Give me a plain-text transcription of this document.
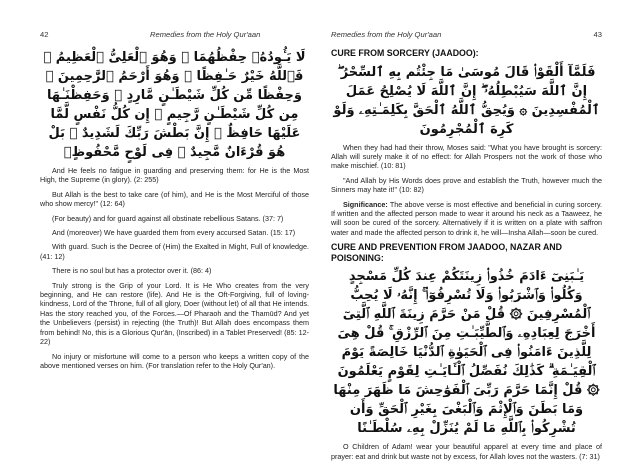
42	Remedies from the Holy Qur'aan
لَا يَـُٔودُهُۥ حِفْظُهُمَا ۚ وَهُوَ ٱلْعَلِىُّ ٱلْعَظِيمُ ۞ فَٱللَّهُ خَيْرٌ حَـٰفِظًا ۖ وَهُوَ أَرْحَمُ ٱلرَّٰحِمِينَ ۞ وَحِفْظًا مِّن كُلِّ شَيْطَـٰنٍ مَّارِدٍ ۞ وَحَفِظْنَـٰهَا مِن كُلِّ شَيْطَـٰنٍ رَّجِيمٍ ۞ إِن كُلُّ نَفْسٍ لَّمَّا عَلَيْهَا حَافِظٌ ۞ إِنَّ بَطْشَ رَبِّكَ لَشَدِيدٌ ۞ بَلْ هُوَ قُرْءَانٌ مَّجِيدٌ ۞ فِى لَوْحٍ مَّحْفُوظٍۭ

And He feels no fatigue in guarding and preserving them: for He is the Most High, the Supreme (in glory). (2: 255)

But Allah is the best to take care (of him), and He is the Most Merciful of those who show mercy!" (12: 64)

(For beauty) and for guard against all obstinate rebellious Satans. (37: 7)

And (moreover) We have guarded them from every accursed Satan. (15: 17)

With guard. Such is the Decree of (Him) the Exalted in Might, Full of knowledge. (41: 12)

There is no soul but has a protector over it. (86: 4)

Truly strong is the Grip of your Lord. It is He Who creates from the very beginning, and He can restore (life). And He is the Oft-Forgiving, full of loving-kindness, Lord of the Throne, full of all glory, Doer (without let) of all that He intends. Has the story reached you, of the Forces.—Of Pharaoh and the Thamūd? And yet the Unbelievers (persist) in rejecting (the Truth)! But Allah does encompass them from behind! No, this is a Glorious Qur'ān, (Inscribed) in a Tablet Preserved! (85: 12-22)

No injury or misfortune will come to a person who keeps a written copy of the above mentioned verses on him. (For translation refer to the Holy Qur'an).

Remedies from the Holy Qur'aan	43
CURE FROM SORCERY (JAADOO):
فَلَمَّآ أَلْقَوْا۟ قَالَ مُوسَىٰ مَا جِئْتُم بِهِ ٱلسِّحْرُ ۖ إِنَّ ٱللَّهَ سَيُبْطِلُهُۥٓ ۖ إِنَّ ٱللَّهَ لَا يُصْلِحُ عَمَلَ ٱلْمُفْسِدِينَ ۞ وَيُحِقُّ ٱللَّهُ ٱلْحَقَّ بِكَلِمَـٰتِهِۦ وَلَوْ كَرِهَ ٱلْمُجْرِمُونَ

When they had had their throw, Moses said: "What you have brought is sorcery: Allah will surely make it of no effect: for Allah Prospers not the work of those who make mischief. (10: 81)

"And Allah by His Words does prove and establish the Truth, however much the Sinners may hate it!" (10: 82)

Significance: The above verse is most effective and beneficial in curing sorcery. If written and the affected person made to wear it around his neck as a Taaweez, he will soon be cured of the sorcery. Alternatively if it is written on a plate with saffron water and made the affected person to drink it, he will—Insha Allah—soon be cured.

CURE AND PREVENTION FROM JAADOO, NAZAR AND POISONING:
يَـٰبَنِىٓ ءَادَمَ خُذُوا۟ زِينَتَكُمْ عِندَ كُلِّ مَسْجِدٍ وَكُلُوا۟ وَٱشْرَبُوا۟ وَلَا تُسْرِفُوٓا۟ ۚ إِنَّهُۥ لَا يُحِبُّ ٱلْمُسْرِفِينَ ۞ قُلْ مَنْ حَرَّمَ زِينَةَ ٱللَّهِ ٱلَّتِىٓ أَخْرَجَ لِعِبَادِهِۦ وَٱلطَّيِّبَـٰتِ مِنَ ٱلرِّزْقِ ۚ قُلْ هِىَ لِلَّذِينَ ءَامَنُوا۟ فِى ٱلْحَيَوٰةِ ٱلدُّنْيَا خَالِصَةً يَوْمَ ٱلْقِيَـٰمَةِ ۗ كَذَٰلِكَ نُفَصِّلُ ٱلْـَٔايَـٰتِ لِقَوْمٍ يَعْلَمُونَ ۞ قُلْ إِنَّمَا حَرَّمَ رَبِّىَ ٱلْفَوَٰحِشَ مَا ظَهَرَ مِنْهَا وَمَا بَطَنَ وَٱلْإِثْمَ وَٱلْبَغْىَ بِغَيْرِ ٱلْحَقِّ وَأَن تُشْرِكُوا۟ بِٱللَّهِ مَا لَمْ يُنَزِّلْ بِهِۦ سُلْطَـٰنًا

O Children of Adam! wear your beautiful apparel at every time and place of prayer: eat and drink but waste not by excess, for Allah loves not the wasters. (7: 31)
